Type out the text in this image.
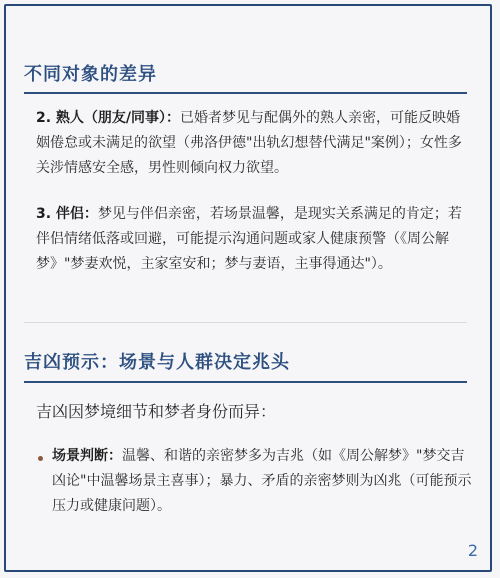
不同对象的差异

2. 熟人（朋友/同事）：已婚者梦见与配偶外的熟人亲密，可能反映婚姻倦怠或未满足的欲望（弗洛伊德"出轨幻想替代满足"案例）；女性多关涉情感安全感，男性则倾向权力欲望。

3. 伴侣：梦见与伴侣亲密，若场景温馨，是现实关系满足的肯定；若伴侣情绪低落或回避，可能提示沟通问题或家人健康预警（《周公解梦》"梦妻欢悦，主家室安和；梦与妻语，主事得通达"）。

吉凶预示：场景与人群决定兆头
吉凶因梦境细节和梦者身份而异：

场景判断：温馨、和谐的亲密梦多为吉兆（如《周公解梦》"梦交吉凶论"中温馨场景主喜事）；暴力、矛盾的亲密梦则为凶兆（可能预示压力或健康问题）。

2
